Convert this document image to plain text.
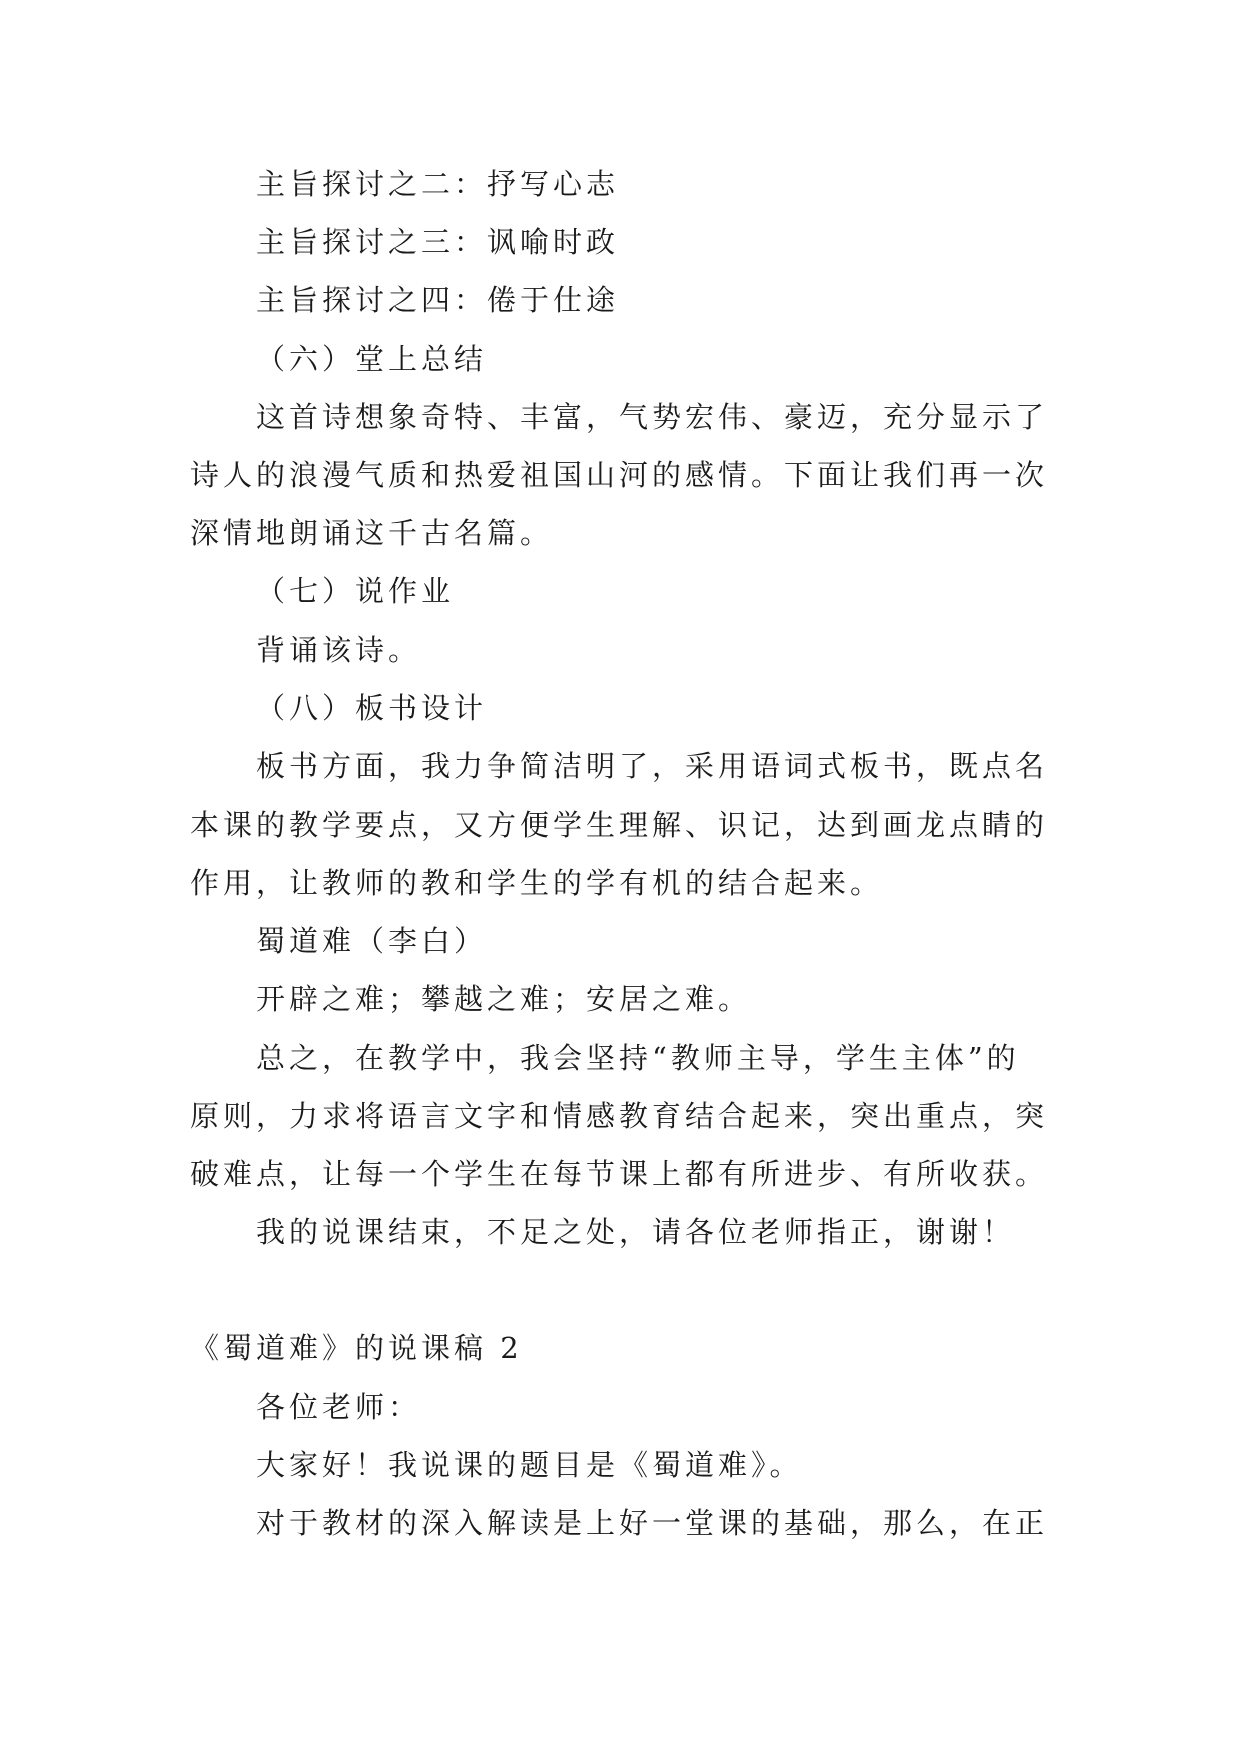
主旨探讨之二：抒写心志
主旨探讨之三：讽喻时政
主旨探讨之四：倦于仕途
（六）堂上总结
这首诗想象奇特、丰富，气势宏伟、豪迈，充分显示了
诗人的浪漫气质和热爱祖国山河的感情。下面让我们再一次
深情地朗诵这千古名篇。
（七）说作业
背诵该诗。
（八）板书设计
板书方面，我力争简洁明了，采用语词式板书，既点名
本课的教学要点，又方便学生理解、识记，达到画龙点睛的
作用，让教师的教和学生的学有机的结合起来。
蜀道难（李白）
开辟之难；攀越之难；安居之难。
总之，在教学中，我会坚持“教师主导，学生主体”的
原则，力求将语言文字和情感教育结合起来，突出重点，突
破难点，让每一个学生在每节课上都有所进步、有所收获。
我的说课结束，不足之处，请各位老师指正，谢谢！
《蜀道难》的说课稿 2
各位老师：
大家好！我说课的题目是《蜀道难》。
对于教材的深入解读是上好一堂课的基础，那么，在正
